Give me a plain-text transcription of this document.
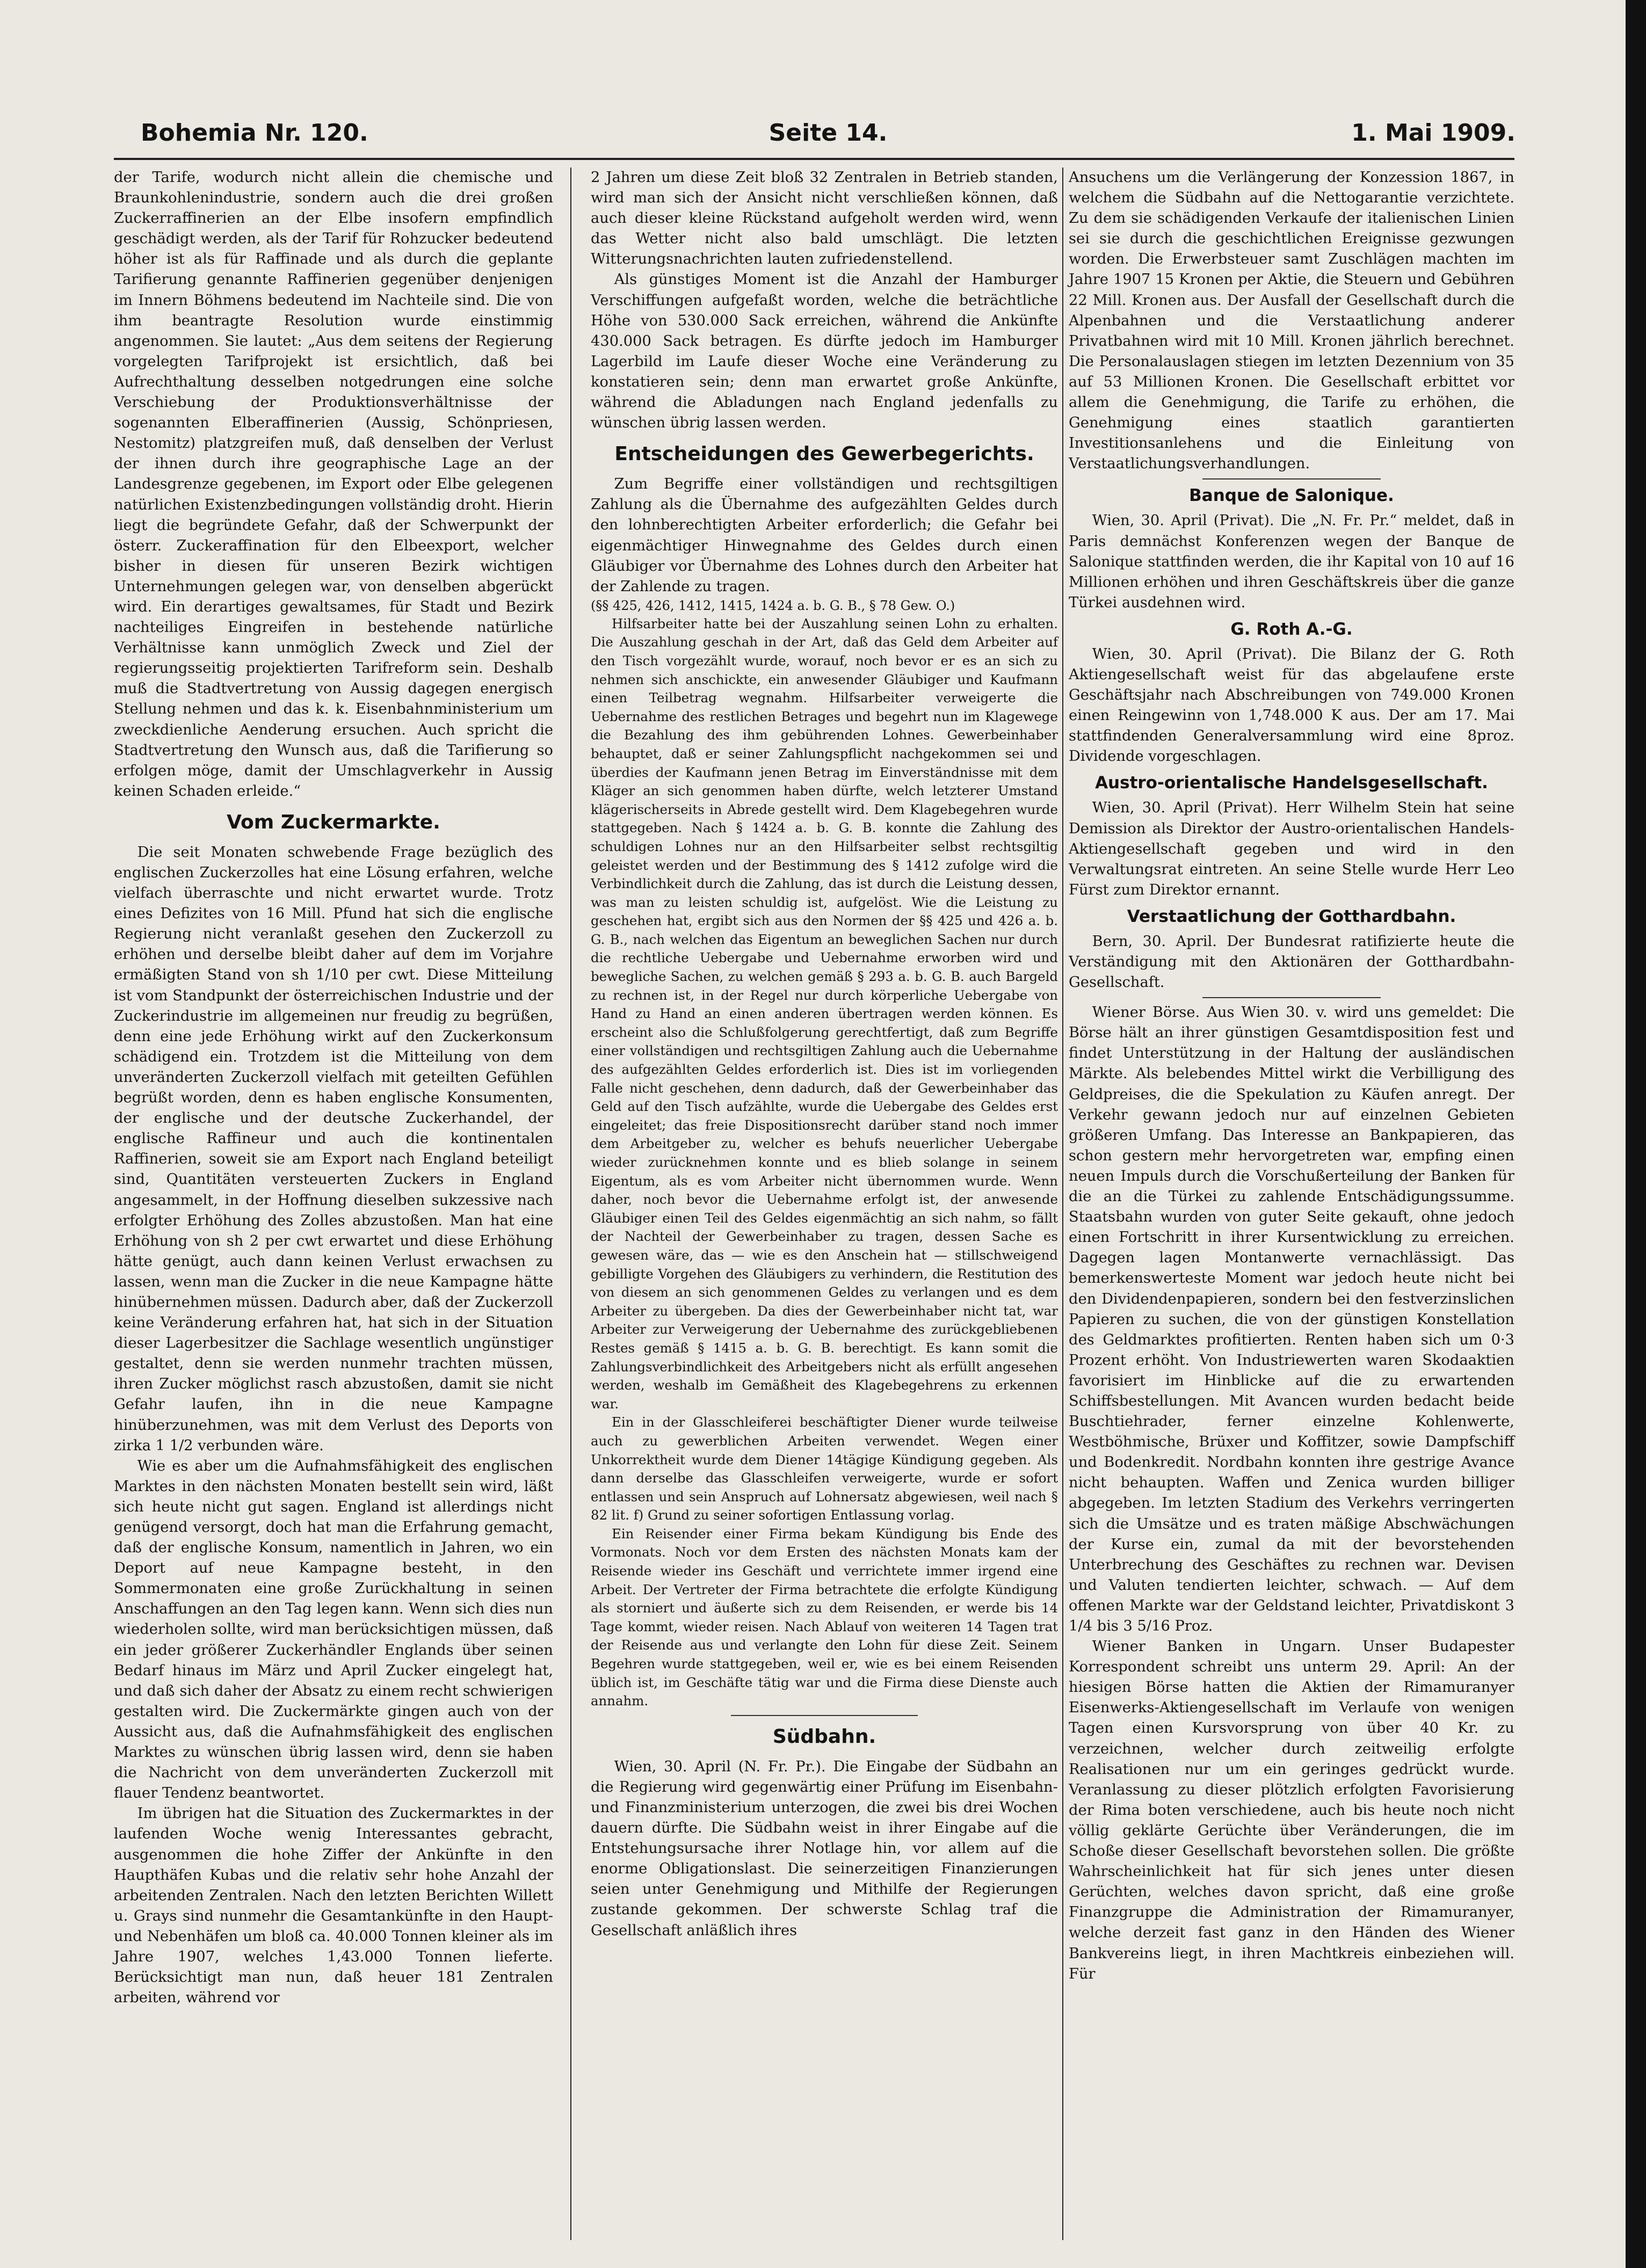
Bohemia Nr. 120.	Seite 14.	1. Mai 1909.

der Tarife, wodurch nicht allein die chemische und Braunkohlenindustrie, sondern auch die drei großen Zuckerraffinerien an der Elbe insofern empfindlich geschädigt werden, als der Tarif für Rohzucker bedeutend höher ist als für Raffinade und als durch die geplante Tarifierung genannte Raffinerien gegenüber denjenigen im Innern Böhmens bedeutend im Nachteile sind. Die von ihm beantragte Resolution wurde einstimmig angenommen. Sie lautet: „Aus dem seitens der Regierung vorgelegten Tarifprojekt ist ersichtlich, daß bei Aufrechthaltung desselben notgedrungen eine solche Verschiebung der Produktionsverhältnisse der sogenannten Elberaffinerien (Aussig, Schönpriesen, Nestomitz) platzgreifen muß, daß denselben der Verlust der ihnen durch ihre geographische Lage an der Landesgrenze gegebenen, im Export oder Elbe gelegenen natürlichen Existenzbedingungen vollständig droht. Hierin liegt die begründete Gefahr, daß der Schwerpunkt der österr. Zuckeraffination für den Elbeexport, welcher bisher in diesen für unseren Bezirk wichtigen Unternehmungen gelegen war, von denselben abgerückt wird. Ein derartiges gewaltsames, für Stadt und Bezirk nachteiliges Eingreifen in bestehende natürliche Verhältnisse kann unmöglich Zweck und Ziel der regierungsseitig projektierten Tarifreform sein. Deshalb muß die Stadtvertretung von Aussig dagegen energisch Stellung nehmen und das k. k. Eisenbahnministerium um zweckdienliche Aenderung ersuchen. Auch spricht die Stadtvertretung den Wunsch aus, daß die Tarifierung so erfolgen möge, damit der Umschlagverkehr in Aussig keinen Schaden erleide.“

Vom Zuckermarkte.

Die seit Monaten schwebende Frage bezüglich des englischen Zuckerzolles hat eine Lösung erfahren, welche vielfach überraschte und nicht erwartet wurde. Trotz eines Defizites von 16 Mill. Pfund hat sich die englische Regierung nicht veranlaßt gesehen den Zuckerzoll zu erhöhen und derselbe bleibt daher auf dem im Vorjahre ermäßigten Stand von sh 1/10 per cwt. Diese Mitteilung ist vom Standpunkt der österreichischen Industrie und der Zuckerindustrie im allgemeinen nur freudig zu begrüßen, denn eine jede Erhöhung wirkt auf den Zuckerkonsum schädigend ein. Trotzdem ist die Mitteilung von dem unveränderten Zuckerzoll vielfach mit geteilten Gefühlen begrüßt worden, denn es haben englische Konsumenten, der englische und der deutsche Zuckerhandel, der englische Raffineur und auch die kontinentalen Raffinerien, soweit sie am Export nach England beteiligt sind, Quantitäten versteuerten Zuckers in England angesammelt, in der Hoffnung dieselben sukzessive nach erfolgter Erhöhung des Zolles abzustoßen. Man hat eine Erhöhung von sh 2 per cwt erwartet und diese Erhöhung hätte genügt, auch dann keinen Verlust erwachsen zu lassen, wenn man die Zucker in die neue Kampagne hätte hinübernehmen müssen. Dadurch aber, daß der Zuckerzoll keine Veränderung erfahren hat, hat sich in der Situation dieser Lagerbesitzer die Sachlage wesentlich ungünstiger gestaltet, denn sie werden nunmehr trachten müssen, ihren Zucker möglichst rasch abzustoßen, damit sie nicht Gefahr laufen, ihn in die neue Kampagne hinüberzunehmen, was mit dem Verlust des Deports von zirka 1 1/2 verbunden wäre.

Wie es aber um die Aufnahmsfähigkeit des englischen Marktes in den nächsten Monaten bestellt sein wird, läßt sich heute nicht gut sagen. England ist allerdings nicht genügend versorgt, doch hat man die Erfahrung gemacht, daß der englische Konsum, namentlich in Jahren, wo ein Deport auf neue Kampagne besteht, in den Sommermonaten eine große Zurückhaltung in seinen Anschaffungen an den Tag legen kann. Wenn sich dies nun wiederholen sollte, wird man berücksichtigen müssen, daß ein jeder größerer Zuckerhändler Englands über seinen Bedarf hinaus im März und April Zucker eingelegt hat, und daß sich daher der Absatz zu einem recht schwierigen gestalten wird. Die Zuckermärkte gingen auch von der Aussicht aus, daß die Aufnahmsfähigkeit des englischen Marktes zu wünschen übrig lassen wird, denn sie haben die Nachricht von dem unveränderten Zuckerzoll mit flauer Tendenz beantwortet.

Im übrigen hat die Situation des Zuckermarktes in der laufenden Woche wenig Interessantes gebracht, ausgenommen die hohe Ziffer der Ankünfte in den Haupthäfen Kubas und die relativ sehr hohe Anzahl der arbeitenden Zentralen. Nach den letzten Berichten Willett u. Grays sind nunmehr die Gesamtankünfte in den Haupt- und Nebenhäfen um bloß ca. 40.000 Tonnen kleiner als im Jahre 1907, welches 1,43.000 Tonnen lieferte. Berücksichtigt man nun, daß heuer 181 Zentralen arbeiten, während vor

2 Jahren um diese Zeit bloß 32 Zentralen in Betrieb standen, wird man sich der Ansicht nicht verschließen können, daß auch dieser kleine Rückstand aufgeholt werden wird, wenn das Wetter nicht also bald umschlägt. Die letzten Witterungsnachrichten lauten zufriedenstellend.

Als günstiges Moment ist die Anzahl der Hamburger Verschiffungen aufgefaßt worden, welche die beträchtliche Höhe von 530.000 Sack erreichen, während die Ankünfte 430.000 Sack betragen. Es dürfte jedoch im Hamburger Lagerbild im Laufe dieser Woche eine Veränderung zu konstatieren sein; denn man erwartet große Ankünfte, während die Abladungen nach England jedenfalls zu wünschen übrig lassen werden.

Entscheidungen des Gewerbegerichts.

Zum Begriffe einer vollständigen und rechtsgiltigen Zahlung als die Übernahme des aufgezählten Geldes durch den lohnberechtigten Arbeiter erforderlich; die Gefahr bei eigenmächtiger Hinwegnahme des Geldes durch einen Gläubiger vor Übernahme des Lohnes durch den Arbeiter hat der Zahlende zu tragen.

(§§ 425, 426, 1412, 1415, 1424 a. b. G. B., § 78 Gew. O.)

Hilfsarbeiter hatte bei der Auszahlung seinen Lohn zu erhalten. Die Auszahlung geschah in der Art, daß das Geld dem Arbeiter auf den Tisch vorgezählt wurde, worauf, noch bevor er es an sich zu nehmen sich anschickte, ein anwesender Gläubiger und Kaufmann einen Teilbetrag wegnahm. Hilfsarbeiter verweigerte die Uebernahme des restlichen Betrages und begehrt nun im Klagewege die Bezahlung des ihm gebührenden Lohnes. Gewerbeinhaber behauptet, daß er seiner Zahlungspflicht nachgekommen sei und überdies der Kaufmann jenen Betrag im Einverständnisse mit dem Kläger an sich genommen haben dürfte, welch letzterer Umstand klägerischerseits in Abrede gestellt wird. Dem Klagebegehren wurde stattgegeben. Nach § 1424 a. b. G. B. konnte die Zahlung des schuldigen Lohnes nur an den Hilfsarbeiter selbst rechtsgiltig geleistet werden und der Bestimmung des § 1412 zufolge wird die Verbindlichkeit durch die Zahlung, das ist durch die Leistung dessen, was man zu leisten schuldig ist, aufgelöst. Wie die Leistung zu geschehen hat, ergibt sich aus den Normen der §§ 425 und 426 a. b. G. B., nach welchen das Eigentum an beweglichen Sachen nur durch die rechtliche Uebergabe und Uebernahme erworben wird und bewegliche Sachen, zu welchen gemäß § 293 a. b. G. B. auch Bargeld zu rechnen ist, in der Regel nur durch körperliche Uebergabe von Hand zu Hand an einen anderen übertragen werden können. Es erscheint also die Schlußfolgerung gerechtfertigt, daß zum Begriffe einer vollständigen und rechtsgiltigen Zahlung auch die Uebernahme des aufgezählten Geldes erforderlich ist. Dies ist im vorliegenden Falle nicht geschehen, denn dadurch, daß der Gewerbeinhaber das Geld auf den Tisch aufzählte, wurde die Uebergabe des Geldes erst eingeleitet; das freie Dispositionsrecht darüber stand noch immer dem Arbeitgeber zu, welcher es behufs neuerlicher Uebergabe wieder zurücknehmen konnte und es blieb solange in seinem Eigentum, als es vom Arbeiter nicht übernommen wurde. Wenn daher, noch bevor die Uebernahme erfolgt ist, der anwesende Gläubiger einen Teil des Geldes eigenmächtig an sich nahm, so fällt der Nachteil der Gewerbeinhaber zu tragen, dessen Sache es gewesen wäre, das — wie es den Anschein hat — stillschweigend gebilligte Vorgehen des Gläubigers zu verhindern, die Restitution des von diesem an sich genommenen Geldes zu verlangen und es dem Arbeiter zu übergeben. Da dies der Gewerbeinhaber nicht tat, war Arbeiter zur Verweigerung der Uebernahme des zurückgebliebenen Restes gemäß § 1415 a. b. G. B. berechtigt. Es kann somit die Zahlungsverbindlichkeit des Arbeitgebers nicht als erfüllt angesehen werden, weshalb im Gemäßheit des Klagebegehrens zu erkennen war.

Ein in der Glasschleiferei beschäftigter Diener wurde teilweise auch zu gewerblichen Arbeiten verwendet. Wegen einer Unkorrektheit wurde dem Diener 14tägige Kündigung gegeben. Als dann derselbe das Glasschleifen verweigerte, wurde er sofort entlassen und sein Anspruch auf Lohnersatz abgewiesen, weil nach § 82 lit. f) Grund zu seiner sofortigen Entlassung vorlag.

Ein Reisender einer Firma bekam Kündigung bis Ende des Vormonats. Noch vor dem Ersten des nächsten Monats kam der Reisende wieder ins Geschäft und verrichtete immer irgend eine Arbeit. Der Vertreter der Firma betrachtete die erfolgte Kündigung als storniert und äußerte sich zu dem Reisenden, er werde bis 14 Tage kommt, wieder reisen. Nach Ablauf von weiteren 14 Tagen trat der Reisende aus und verlangte den Lohn für diese Zeit. Seinem Begehren wurde stattgegeben, weil er, wie es bei einem Reisenden üblich ist, im Geschäfte tätig war und die Firma diese Dienste auch annahm.

Südbahn.

Wien, 30. April (N. Fr. Pr.). Die Eingabe der Südbahn an die Regierung wird gegenwärtig einer Prüfung im Eisenbahn- und Finanzministerium unterzogen, die zwei bis drei Wochen dauern dürfte. Die Südbahn weist in ihrer Eingabe auf die Entstehungsursache ihrer Notlage hin, vor allem auf die enorme Obligationslast. Die seinerzeitigen Finanzierungen seien unter Genehmigung und Mithilfe der Regierungen zustande gekommen. Der schwerste Schlag traf die Gesellschaft anläßlich ihres

Ansuchens um die Verlängerung der Konzession 1867, in welchem die Südbahn auf die Nettogarantie verzichtete. Zu dem sie schädigenden Verkaufe der italienischen Linien sei sie durch die geschichtlichen Ereignisse gezwungen worden. Die Erwerbsteuer samt Zuschlägen machten im Jahre 1907 15 Kronen per Aktie, die Steuern und Gebühren 22 Mill. Kronen aus. Der Ausfall der Gesellschaft durch die Alpenbahnen und die Verstaatlichung anderer Privatbahnen wird mit 10 Mill. Kronen jährlich berechnet. Die Personalauslagen stiegen im letzten Dezennium von 35 auf 53 Millionen Kronen. Die Gesellschaft erbittet vor allem die Genehmigung, die Tarife zu erhöhen, die Genehmigung eines staatlich garantierten Investitionsanlehens und die Einleitung von Verstaatlichungsverhandlungen.

Banque de Salonique.

Wien, 30. April (Privat). Die „N. Fr. Pr.“ meldet, daß in Paris demnächst Konferenzen wegen der Banque de Salonique stattfinden werden, die ihr Kapital von 10 auf 16 Millionen erhöhen und ihren Geschäftskreis über die ganze Türkei ausdehnen wird.

G. Roth A.-G.

Wien, 30. April (Privat). Die Bilanz der G. Roth Aktiengesellschaft weist für das abgelaufene erste Geschäftsjahr nach Abschreibungen von 749.000 Kronen einen Reingewinn von 1,748.000 K aus. Der am 17. Mai stattfindenden Generalversammlung wird eine 8proz. Dividende vorgeschlagen.

Austro-orientalische Handelsgesellschaft.

Wien, 30. April (Privat). Herr Wilhelm Stein hat seine Demission als Direktor der Austro-orientalischen Handels-Aktiengesellschaft gegeben und wird in den Verwaltungsrat eintreten. An seine Stelle wurde Herr Leo Fürst zum Direktor ernannt.

Verstaatlichung der Gotthardbahn.

Bern, 30. April. Der Bundesrat ratifizierte heute die Verständigung mit den Aktionären der Gotthardbahn-Gesellschaft.

Wiener Börse. Aus Wien 30. v. wird uns gemeldet: Die Börse hält an ihrer günstigen Gesamtdisposition fest und findet Unterstützung in der Haltung der ausländischen Märkte. Als belebendes Mittel wirkt die Verbilligung des Geldpreises, die die Spekulation zu Käufen anregt. Der Verkehr gewann jedoch nur auf einzelnen Gebieten größeren Umfang. Das Interesse an Bankpapieren, das schon gestern mehr hervorgetreten war, empfing einen neuen Impuls durch die Vorschußerteilung der Banken für die an die Türkei zu zahlende Entschädigungssumme. Staatsbahn wurden von guter Seite gekauft, ohne jedoch einen Fortschritt in ihrer Kursentwicklung zu erreichen. Dagegen lagen Montanwerte vernachlässigt. Das bemerkenswerteste Moment war jedoch heute nicht bei den Dividendenpapieren, sondern bei den festverzinslichen Papieren zu suchen, die von der günstigen Konstellation des Geldmarktes profitierten. Renten haben sich um 0·3 Prozent erhöht. Von Industriewerten waren Skodaaktien favorisiert im Hinblicke auf die zu erwartenden Schiffsbestellungen. Mit Avancen wurden bedacht beide Buschtiehrader, ferner einzelne Kohlenwerte, Westböhmische, Brüxer und Koffitzer, sowie Dampfschiff und Bodenkredit. Nordbahn konnten ihre gestrige Avance nicht behaupten. Waffen und Zenica wurden billiger abgegeben. Im letzten Stadium des Verkehrs verringerten sich die Umsätze und es traten mäßige Abschwächungen der Kurse ein, zumal da mit der bevorstehenden Unterbrechung des Geschäftes zu rechnen war. Devisen und Valuten tendierten leichter, schwach. — Auf dem offenen Markte war der Geldstand leichter, Privatdiskont 3 1/4 bis 3 5/16 Proz.

Wiener Banken in Ungarn. Unser Budapester Korrespondent schreibt uns unterm 29. April: An der hiesigen Börse hatten die Aktien der Rimamuranyer Eisenwerks-Aktiengesellschaft im Verlaufe von wenigen Tagen einen Kursvorsprung von über 40 Kr. zu verzeichnen, welcher durch zeitweilig erfolgte Realisationen nur um ein geringes gedrückt wurde. Veranlassung zu dieser plötzlich erfolgten Favorisierung der Rima boten verschiedene, auch bis heute noch nicht völlig geklärte Gerüchte über Veränderungen, die im Schoße dieser Gesellschaft bevorstehen sollen. Die größte Wahrscheinlichkeit hat für sich jenes unter diesen Gerüchten, welches davon spricht, daß eine große Finanzgruppe die Administration der Rimamuranyer, welche derzeit fast ganz in den Händen des Wiener Bankvereins liegt, in ihren Machtkreis einbeziehen will. Für
